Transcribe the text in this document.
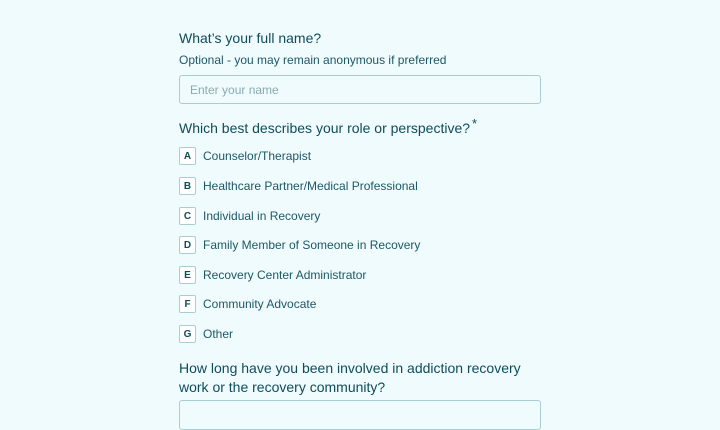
What’s your full name?
Optional - you may remain anonymous if preferred
Enter your name
Which best describes your role or perspective? *
A Counselor/Therapist
B Healthcare Partner/Medical Professional
C Individual in Recovery
D Family Member of Someone in Recovery
E	Recovery Center Administrator
F	Community Advocate
G Other
How long have you been involved in addiction recovery work or the recovery community?
